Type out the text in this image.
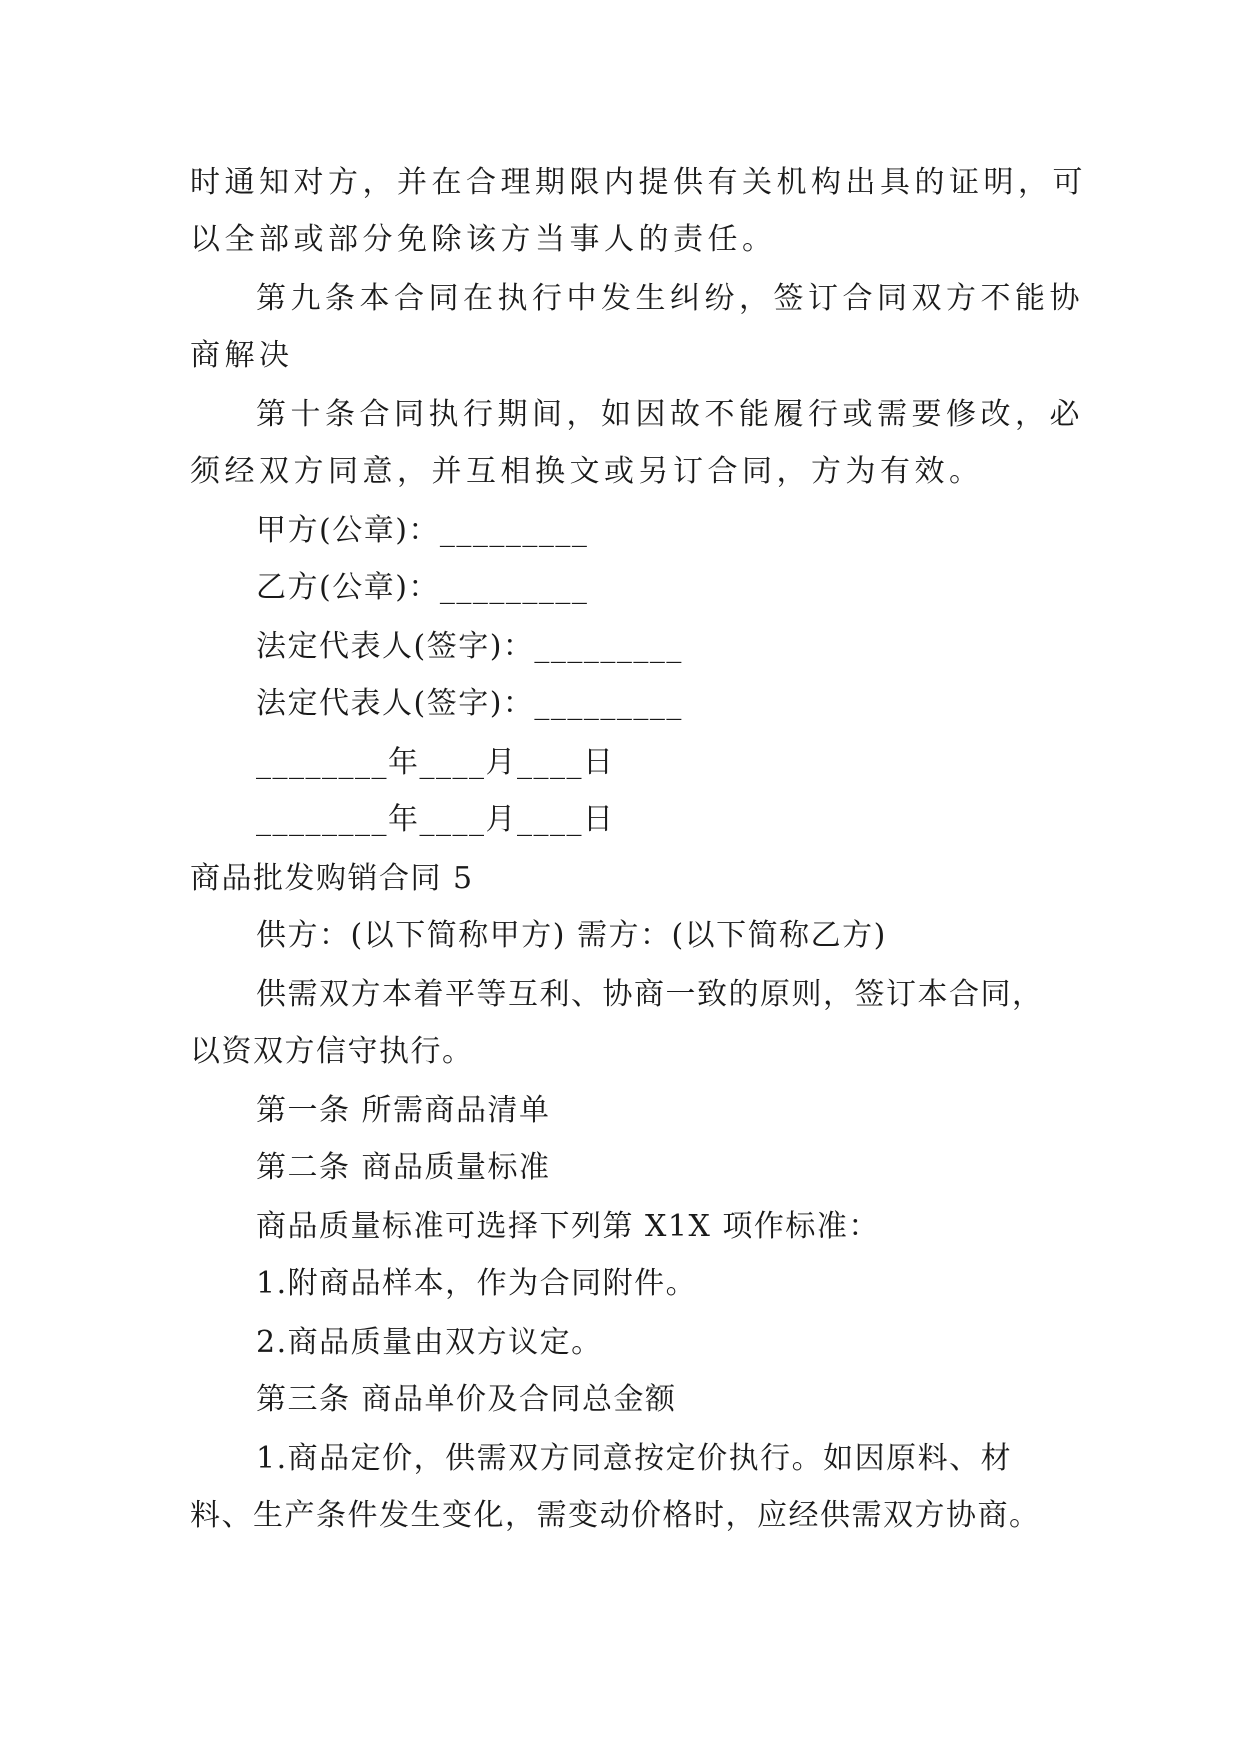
时通知对方，并在合理期限内提供有关机构出具的证明，可
以全部或部分免除该方当事人的责任。
第九条本合同在执行中发生纠纷，签订合同双方不能协
商解决
第十条合同执行期间，如因故不能履行或需要修改，必
须经双方同意，并互相换文或另订合同，方为有效。
甲方(公章)：_________
乙方(公章)：_________
法定代表人(签字)：_________
法定代表人(签字)：_________
________年____月____日
________年____月____日
商品批发购销合同 5
供方：(以下简称甲方) 需方：(以下简称乙方)
供需双方本着平等互利、协商一致的原则，签订本合同，
以资双方信守执行。
第一条 所需商品清单
第二条 商品质量标准
商品质量标准可选择下列第 X1X 项作标准：
1.附商品样本，作为合同附件。
2.商品质量由双方议定。
第三条 商品单价及合同总金额
1.商品定价，供需双方同意按定价执行。如因原料、材
料、生产条件发生变化，需变动价格时，应经供需双方协商。
